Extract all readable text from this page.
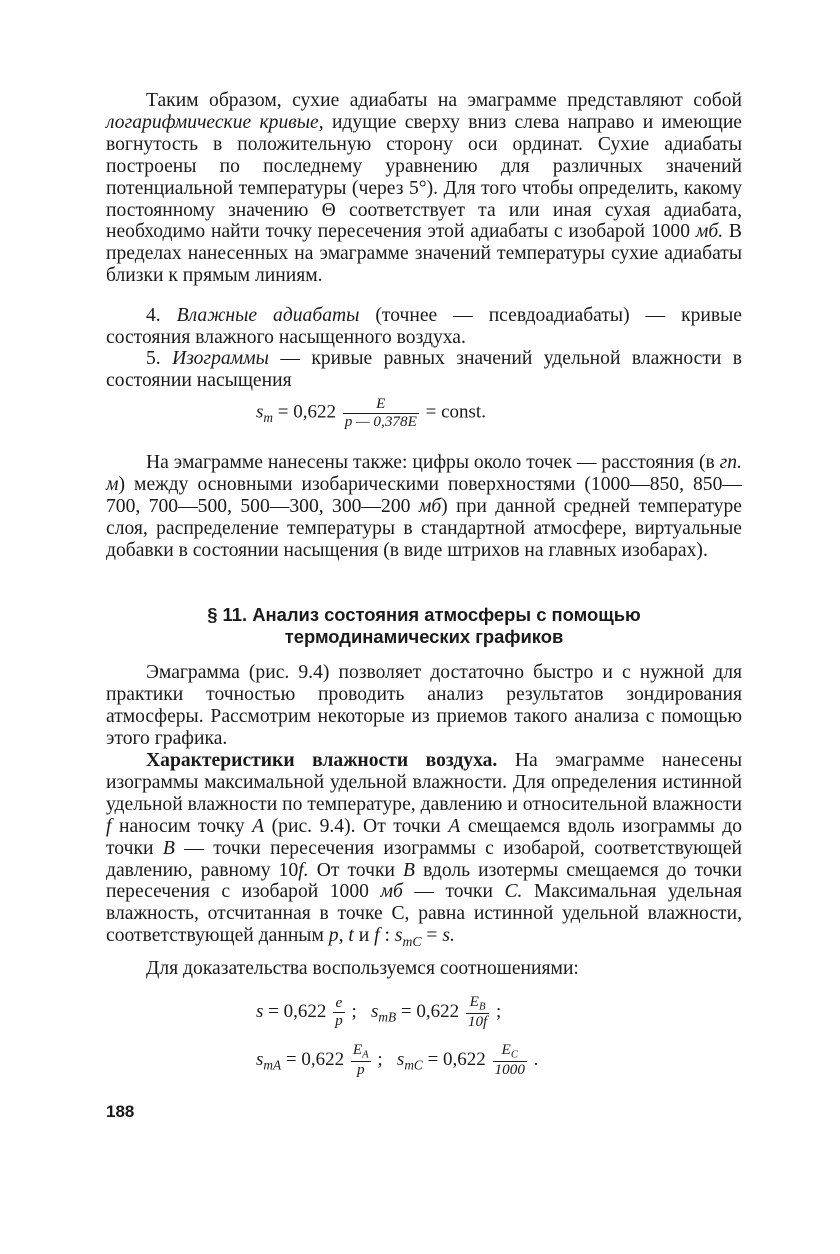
Таким образом, сухие адиабаты на эмаграмме представляют собой логарифмические кривые, идущие сверху вниз слева направо и имеющие вогнутость в положительную сторону оси ординат. Сухие адиабаты построены по последнему уравнению для различных значений потенциальной температуры (через 5°). Для того чтобы определить, какому постоянному значению Θ соответствует та или иная сухая адиабата, необходимо найти точку пересечения этой адиабаты с изобарой 1000 мб. В пределах нанесенных на эмаграмме значений температуры сухие адиабаты близки к прямым линиям.

4. Влажные адиабаты (точнее — псевдоадиабаты) — кривые состояния влажного насыщенного воздуха.

5. Изограммы — кривые равных значений удельной влажности в состоянии насыщения

$s_m = 0,622 \frac{E}{p — 0,378E}$ = const.

На эмаграмме нанесены также: цифры около точек — расстояния (в гп. м) между основными изобарическими поверхностями (1000—850, 850—700, 700—500, 500—300, 300—200 мб) при данной средней температуре слоя, распределение температуры в стандартной атмосфере, виртуальные добавки в состоянии насыщения (в виде штрихов на главных изобарах).

§ 11. Анализ состояния атмосферы с помощью
термодинамических графиков

Эмаграмма (рис. 9.4) позволяет достаточно быстро и с нужной для практики точностью проводить анализ результатов зондирования атмосферы. Рассмотрим некоторые из приемов такого анализа с помощью этого графика.

Характеристики влажности воздуха. На эмаграмме нанесены изограммы максимальной удельной влажности. Для определения истинной удельной влажности по температуре, давлению и относительной влажности f наносим точку A (рис. 9.4). От точки A смещаемся вдоль изограммы до точки B — точки пересечения изограммы с изобарой, соответствующей давлению, равному 10f. От точки B вдоль изотермы смещаемся до точки пересечения с изобарой 1000 мб — точки C. Максимальная удельная влажность, отсчитанная в точке С, равна истинной удельной влажности, соответствующей данным p, t и f : $s_{mC} = s$.

Для доказательства воспользуемся соотношениями:

$s = 0,622 \frac{e}{p}$ ; $s_{mB} = 0,622 \frac{E_B}{10f}$ ;
$s_{mA} = 0,622 \frac{E_A}{p}$ ; $s_{mC} = 0,622 \frac{E_C}{1000}$ .
188
